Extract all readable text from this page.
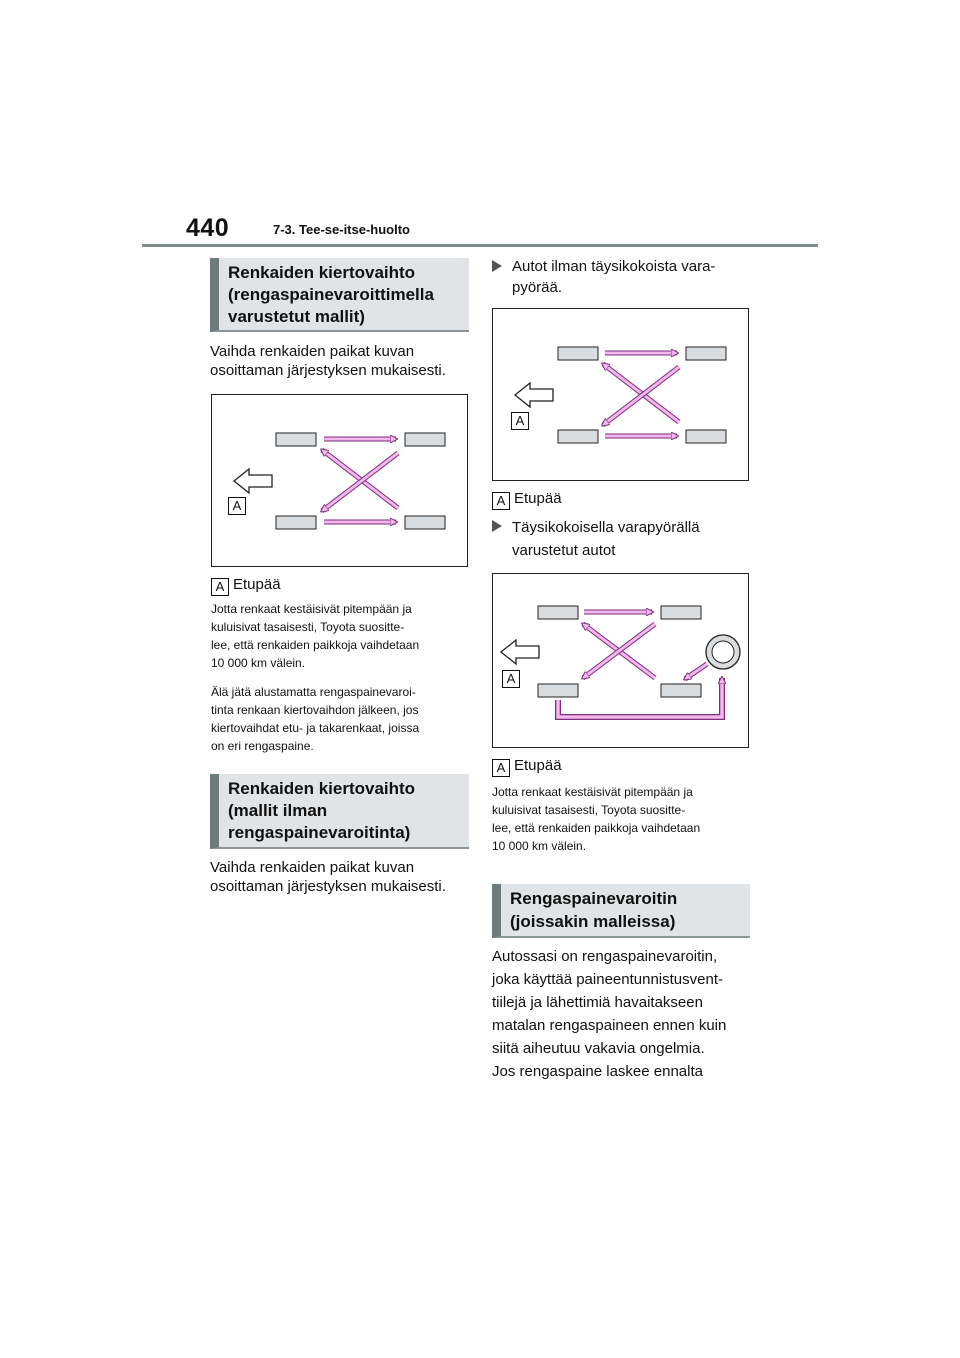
440	7-3. Tee-se-itse-huolto
Renkaiden kiertovaihto
(rengaspainevaroittimella
varustetut mallit)
Vaihda renkaiden paikat kuvan
osoittaman järjestyksen mukaisesti.
A
A Etupää
Jotta renkaat kestäisivät pitempään ja
kuluisivat tasaisesti, Toyota suositte-
lee, että renkaiden paikkoja vaihdetaan
10 000 km välein.
Älä jätä alustamatta rengaspainevaroi-
tinta renkaan kiertovaihdon jälkeen, jos
kiertovaihdat etu- ja takarenkaat, joissa
on eri rengaspaine.
Renkaiden kiertovaihto
(mallit ilman
rengaspainevaroitinta)
Vaihda renkaiden paikat kuvan
osoittaman järjestyksen mukaisesti.
Autot ilman täysikokoista vara-
pyörää.
A
A Etupää
Täysikokoisella varapyörällä
varustetut autot
A
A Etupää
Jotta renkaat kestäisivät pitempään ja
kuluisivat tasaisesti, Toyota suositte-
lee, että renkaiden paikkoja vaihdetaan
10 000 km välein.
Rengaspainevaroitin
(joissakin malleissa)
Autossasi on rengaspainevaroitin,
joka käyttää paineentunnistusvent-
tiilejä ja lähettimiä havaitakseen
matalan rengaspaineen ennen kuin
siitä aiheutuu vakavia ongelmia.
Jos rengaspaine laskee ennalta
